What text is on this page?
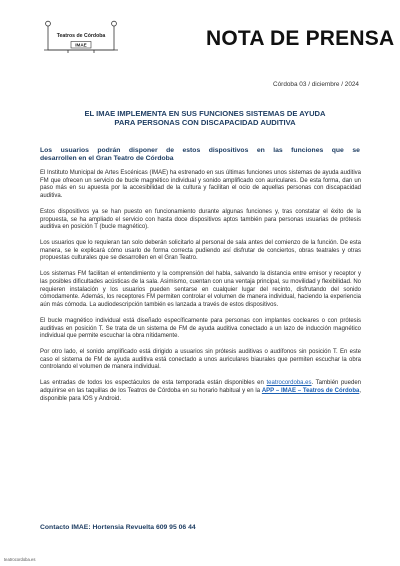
Teatros de Córdoba
IMAE	NOTA DE PRENSA
Córdoba 03 / diciembre / 2024
EL IMAE IMPLEMENTA EN SUS FUNCIONES SISTEMAS DE AYUDA
PARA PERSONAS CON DISCAPACIDAD AUDITIVA
Los usuarios podrán disponer de estos dispositivos en las funciones que se
desarrollen en el Gran Teatro de Córdoba

El Instituto Municipal de Artes Escénicas (IMAE) ha estrenado en sus últimas funciones unos sistemas de ayuda auditiva FM que ofrecen un servicio de bucle magnético individual y sonido amplificado con auriculares. De esta forma, dan un paso más en su apuesta por la accesibilidad de la cultura y facilitan el ocio de aquellas personas con discapacidad auditiva.

Estos dispositivos ya se han puesto en funcionamiento durante algunas funciones y, tras constatar el éxito de la propuesta, se ha ampliado el servicio con hasta doce dispositivos aptos también para personas usuarias de prótesis auditiva en posición T (bucle magnético).

Los usuarios que lo requieran tan solo deberán solicitarlo al personal de sala antes del comienzo de la función. De esta manera, se le explicará cómo usarlo de forma correcta pudiendo así disfrutar de conciertos, obras teatrales y otras propuestas culturales que se desarrollen en el Gran Teatro.

Los sistemas FM facilitan el entendimiento y la comprensión del habla, salvando la distancia entre emisor y receptor y las posibles dificultades acústicas de la sala. Asimismo, cuentan con una ventaja principal, su movilidad y flexibilidad. No requieren instalación y los usuarios pueden sentarse en cualquier lugar del recinto, disfrutando del sonido cómodamente. Además, los receptores FM permiten controlar el volumen de manera individual, haciendo la experiencia aún más cómoda. La audiodescripción también es lanzada a través de estos dispositivos.

El bucle magnético individual está diseñado específicamente para personas con implantes cocleares o con prótesis auditivas en posición T. Se trata de un sistema de FM de ayuda auditiva conectado a un lazo de inducción magnético individual que permite escuchar la obra nítidamente.

Por otro lado, el sonido amplificado está dirigido a usuarios sin prótesis auditivas o audífonos sin posición T. En este caso el sistema de FM de ayuda auditiva está conectado a unos auriculares biaurales que permiten escuchar la obra controlando el volumen de manera individual.

Las entradas de todos los espectáculos de esta temporada están disponibles en teatrocordoba.es. También pueden adquirirse en las taquillas de los Teatros de Córdoba en su horario habitual y en la APP – IMAE – Teatros de Córdoba, disponible para IOS y Android.

Contacto IMAE: Hortensia Revuelta 609 95 06 44
teatrocordoba.es
